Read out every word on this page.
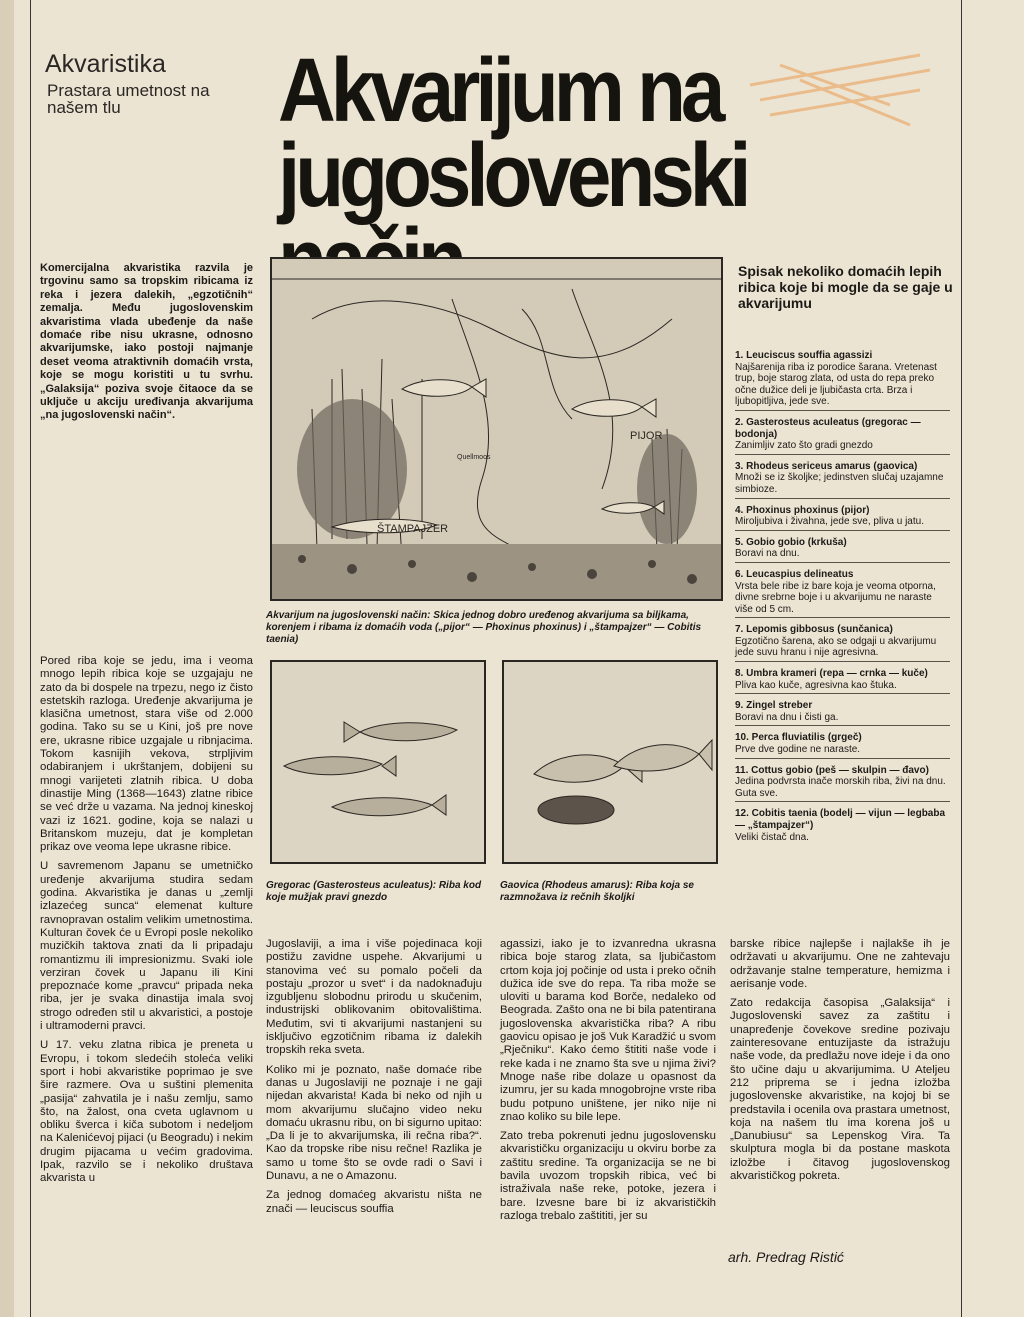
Akvaristika
Prastara umetnost na našem tlu	Akvarijum na
jugoslovenski
Komercijalna akvaristika razvila je trgovinu samo sa tropskim ribicama iz reka i jezera dalekih, „egzotičnih“ zemalja. Među jugoslovenskim akvaristima vlada ubeđenje da naše domaće ribe nisu ukrasne, odnosno akvarijumske, iako postoji najmanje deset veoma atraktivnih domaćih vrsta, koje se mogu koristiti u tu svrhu. „Galaksija“ poziva svoje čitaoce da se uključe u akciju uređivanja akvarijuma „na jugoslovenski način“.
ŠTAMPAJZER
PIJOR
Quellmoos
Akvarijum na jugoslovenski način: Skica jednog dobro uređenog akvarijuma sa biljkama, korenjem i ribama iz domaćih voda („pijor“ — Phoxinus phoxinus) i „štampajzer“ — Cobitis taenia)
Gregorac (Gasterosteus aculeatus): Riba kod koje mužjak pravi gnezdo
Gaovica (Rhodeus amarus): Riba koja se razmnožava iz rečnih školjki
Spisak nekoliko domaćih lepih ribica koje bi mogle da se gaje u akvarijumu
1. Leuciscus souffia agassizi
Najšarenija riba iz porodice šarana. Vretenast trup, boje starog zlata, od usta do repa preko očne dužice deli je ljubičasta crta. Brza i ljubopitljiva, jede sve.
2. Gasterosteus aculeatus (gregorac — bodonja)
Zanimljiv zato što gradi gnezdo
3. Rhodeus sericeus amarus (gaovica)
Množi se iz školjke; jedinstven slučaj uzajamne simbioze.
4. Phoxinus phoxinus (pijor)
Miroljubiva i živahna, jede sve, pliva u jatu.
5. Gobio gobio (krkuša)
Boravi na dnu.
6. Leucaspius delineatus
Vrsta bele ribe iz bare koja je veoma otporna, divne srebrne boje i u akvarijumu ne naraste više od 5 cm.
7. Lepomis gibbosus (sunčanica)
Egzotično šarena, ako se odgaji u akvarijumu jede suvu hranu i nije agresivna.
8. Umbra krameri (repa — crnka — kuče)
Pliva kao kuče, agresivna kao štuka.
9. Zingel streber
Boravi na dnu i čisti ga.
10. Perca fluviatilis (grgeč)
Prve dve godine ne naraste.
11. Cottus gobio (peš — skulpin — đavo)
Jedina podvrsta inače morskih riba, živi na dnu. Guta sve.
12. Cobitis taenia (bodelj — vijun — legbaba — „štampajzer“)
Veliki čistač dna.

Pored riba koje se jedu, ima i veoma mnogo lepih ribica koje se uzgajaju ne zato da bi dospele na trpezu, nego iz čisto estetskih razloga. Uređenje akvarijuma je klasična umetnost, stara više od 2.000 godina. Tako su se u Kini, još pre nove ere, ukrasne ribice uzgajale u ribnjacima. Tokom kasnijih vekova, strpljivim odabiranjem i ukrštanjem, dobijeni su mnogi varijeteti zlatnih ribica. U doba dinastije Ming (1368—1643) zlatne ribice se već drže u vazama. Na jednoj kineskoj vazi iz 1621. godine, koja se nalazi u Britanskom muzeju, dat je kompletan prikaz ove veoma lepe ukrasne ribice.

U savremenom Japanu se umetničko uređenje akvarijuma studira sedam godina. Akvaristika je danas u „zemlji izlazećeg sunca“ elemenat kulture ravnopravan ostalim velikim umetnostima. Kulturan čovek će u Evropi posle nekoliko muzičkih taktova znati da li pripadaju romantizmu ili impresionizmu. Svaki iole verziran čovek u Japanu ili Kini prepoznaće kome „pravcu“ pripada neka riba, jer je svaka dinastija imala svoj strogo određen stil u akvaristici, a postoje i ultramoderni pravci.

U 17. veku zlatna ribica je preneta u Evropu, i tokom sledećih stoleća veliki sport i hobi akvaristike poprimao je sve šire razmere. Ova u suštini plemenita „pasija“ zahvatila je i našu zemlju, samo što, na žalost, ona cveta uglavnom u obliku šverca i kiča subotom i nedeljom na Kalenićevoj pijaci (u Beogradu) i nekim drugim pijacama u većim gradovima. Ipak, razvilo se i nekoliko društava akvarista u

Jugoslaviji, a ima i više pojedinaca koji postižu zavidne uspehe. Akvarijumi u stanovima već su pomalo počeli da postaju „prozor u svet“ i da nadoknađuju izgubljenu slobodnu prirodu u skučenim, industrijski oblikovanim obitovalištima. Međutim, svi ti akvarijumi nastanjeni su isključivo egzotičnim ribama iz dalekih tropskih reka sveta.

Koliko mi je poznato, naše domaće ribe danas u Jugoslaviji ne poznaje i ne gaji nijedan akvarista! Kada bi neko od njih u mom akvarijumu slučajno video neku domaću ukrasnu ribu, on bi sigurno upitao: „Da li je to akvarijumska, ili rečna riba?“. Kao da tropske ribe nisu rečne! Razlika je samo u tome što se ovde radi o Savi i Dunavu, a ne o Amazonu.

Za jednog domaćeg akvaristu ništa ne znači — leuciscus souffia

agassizi, iako je to izvanredna ukrasna ribica boje starog zlata, sa ljubičastom crtom koja joj počinje od usta i preko očnih dužica ide sve do repa. Ta riba može se uloviti u barama kod Borče, nedaleko od Beograda. Zašto ona ne bi bila patentirana jugoslovenska akvaristička riba? A ribu gaovicu opisao je još Vuk Karadžić u svom „Rječniku“. Kako ćemo štititi naše vode i reke kada i ne znamo šta sve u njima živi? Mnoge naše ribe dolaze u opasnost da izumru, jer su kada mnogobrojne vrste riba budu potpuno uništene, jer niko nije ni znao koliko su bile lepe.

Zato treba pokrenuti jednu jugoslovensku akvarističku organizaciju u okviru borbe za zaštitu sredine. Ta organizacija se ne bi bavila uvozom tropskih ribica, već bi istraživala naše reke, potoke, jezera i bare. Izvesne bare bi iz akvarističkih razloga trebalo zaštititi, jer su

barske ribice najlepše i najlakše ih je održavati u akvarijumu. One ne zahtevaju održavanje stalne temperature, hemizma i aerisanje vode.

Zato redakcija časopisa „Galaksija“ i Jugoslovenski savez za zaštitu i unapređenje čovekove sredine pozivaju zainteresovane entuzijaste da istražuju naše vode, da predlažu nove ideje i da ono što učine daju u akvarijumima. U Ateljeu 212 priprema se i jedna izložba jugoslovenske akvaristike, na kojoj bi se predstavila i ocenila ova prastara umetnost, koja na našem tlu ima korena još u „Danubiusu“ sa Lepenskog Vira. Ta skulptura mogla bi da postane maskota izložbe i čitavog jugoslovenskog akvarističkog pokreta.

arh. Predrag Ristić
